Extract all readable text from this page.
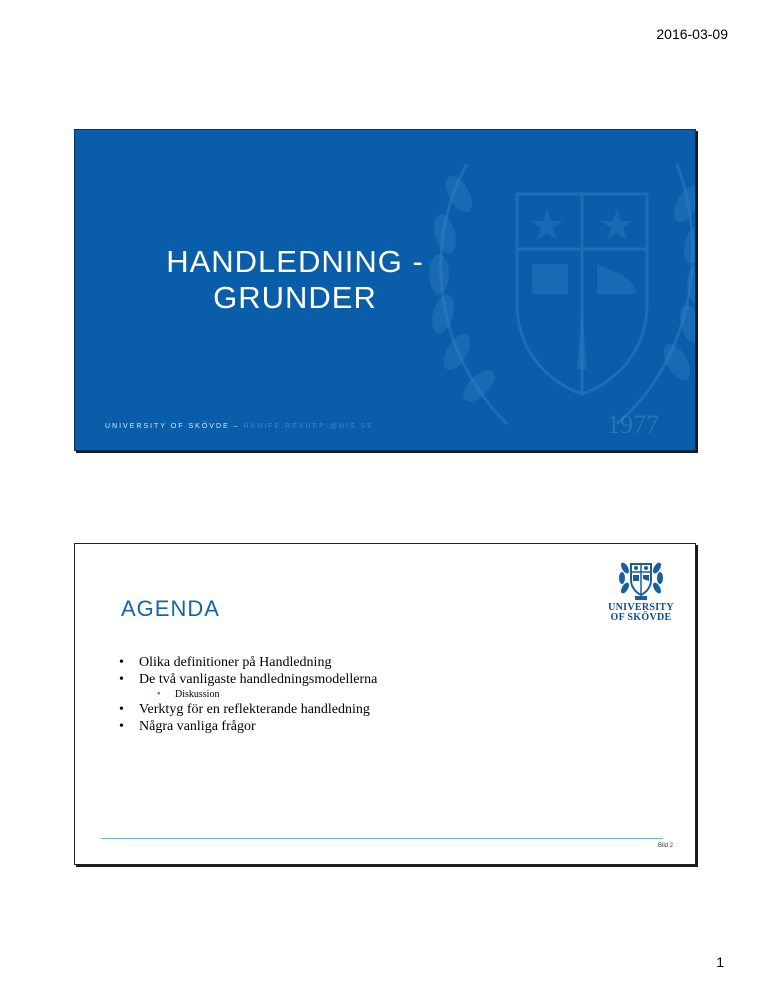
2016-03-09
HANDLEDNING -
GRUNDER
1977
UNIVERSITY OF SKÖVDE – HANIFE.REXHEPI@HIS.SE
UNIVERSITY
OF SKÖVDE
AGENDA
• Olika definitioner på Handledning
• De två vanligaste handledningsmodellerna
• Diskussion
• Verktyg för en reflekterande handledning
• Några vanliga frågor
Bild 2
1
